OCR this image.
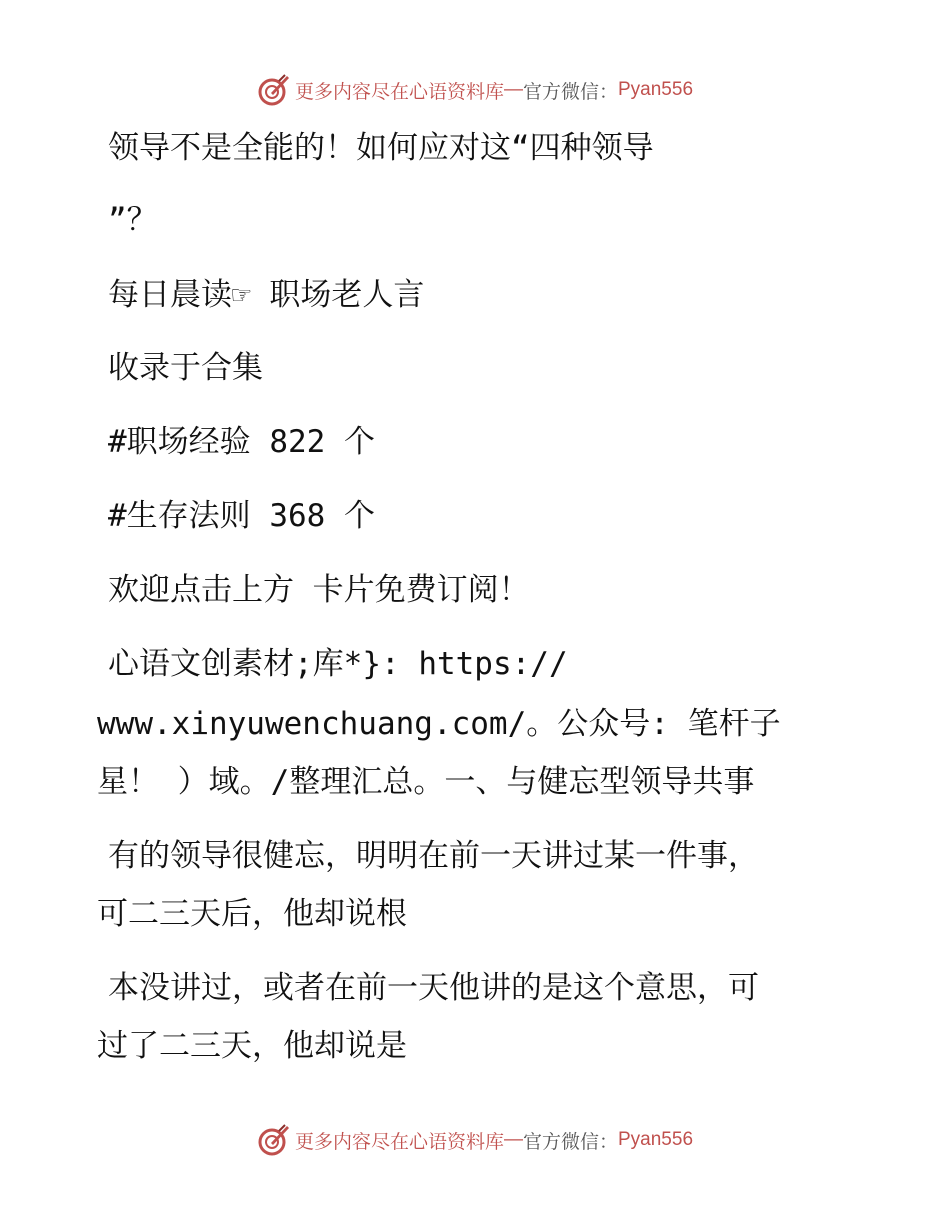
更多内容尽在心语资料库 — 官方微信： Pyan556
领导不是全能的！如何应对这“四种领导
”？
每日晨读☞ 职场老人言
收录于合集
#职场经验 822 个
#生存法则 368 个
欢迎点击上方 卡片免费订阅！
心语文创素材;库*}: https://
www.xinyuwenchuang.com/。公众号: 笔杆子
星！ ）域。/整理汇总。一、与健忘型领导共事
有的领导很健忘，明明在前一天讲过某一件事，
可二三天后，他却说根
本没讲过，或者在前一天他讲的是这个意思，可
过了二三天，他却说是
更多内容尽在心语资料库 — 官方微信： Pyan556
